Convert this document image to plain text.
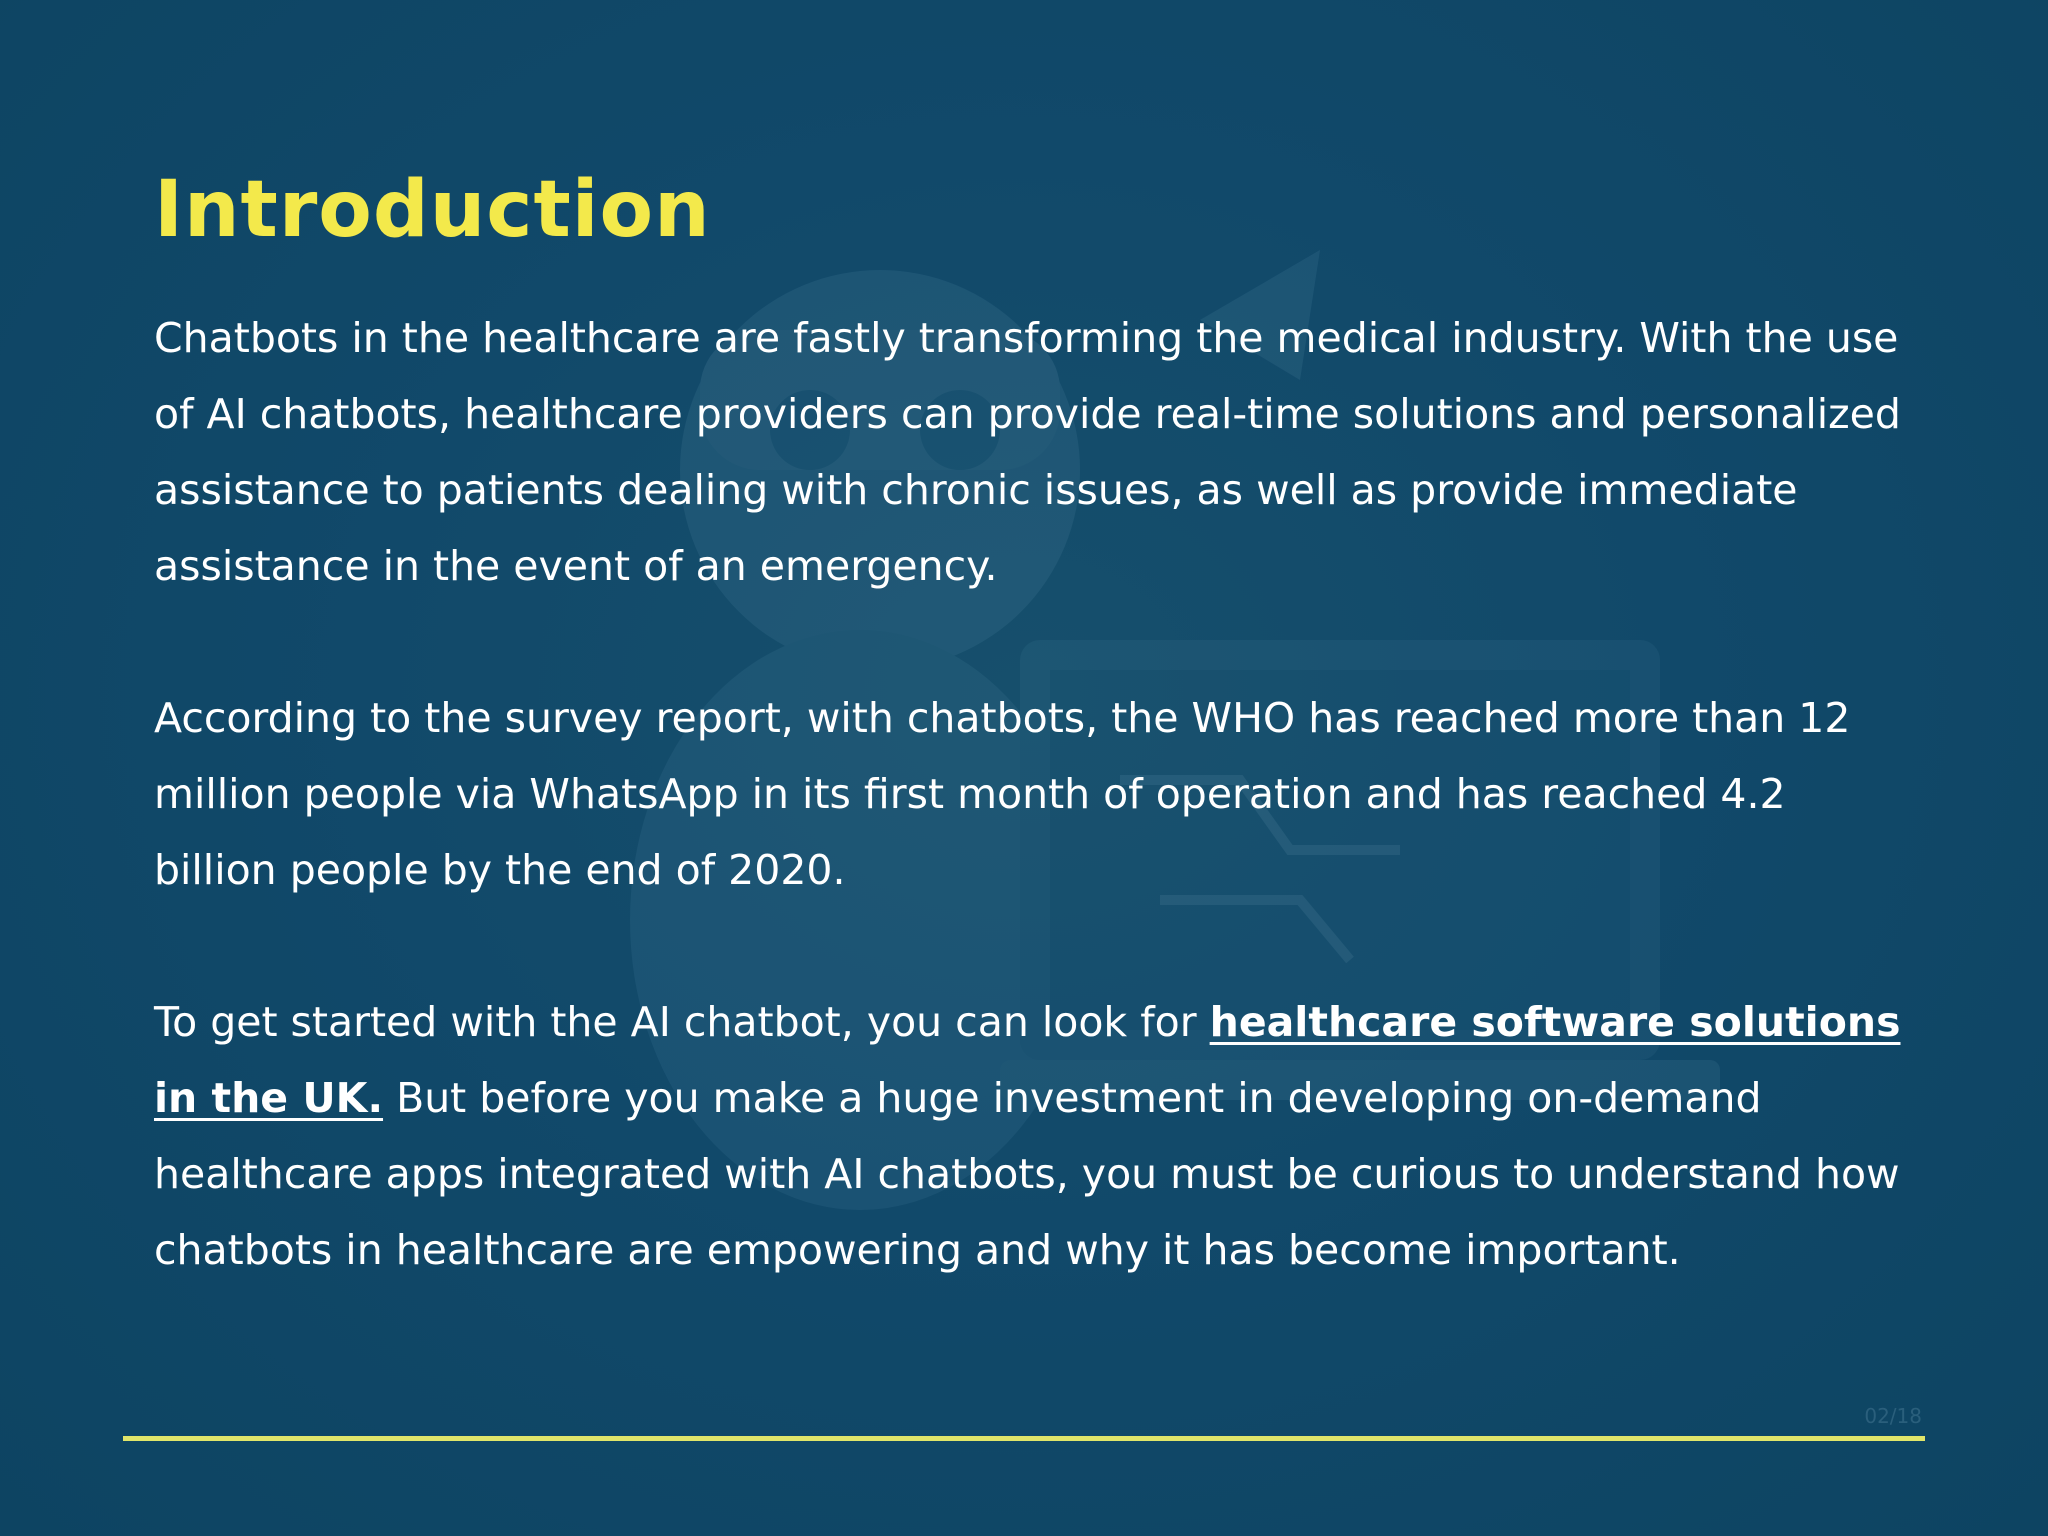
Introduction

Chatbots in the healthcare are fastly transforming the medical industry. With the use of AI chatbots, healthcare providers can provide real-time solutions and personalized assistance to patients dealing with chronic issues, as well as provide immediate assistance in the event of an emergency.

According to the survey report, with chatbots, the WHO has reached more than 12 million people via WhatsApp in its first month of operation and has reached 4.2 billion people by the end of 2020.

To get started with the AI chatbot, you can look for healthcare software solutions in the UK. But before you make a huge investment in developing on-demand healthcare apps integrated with AI chatbots, you must be curious to understand how chatbots in healthcare are empowering and why it has become important.

02/18
